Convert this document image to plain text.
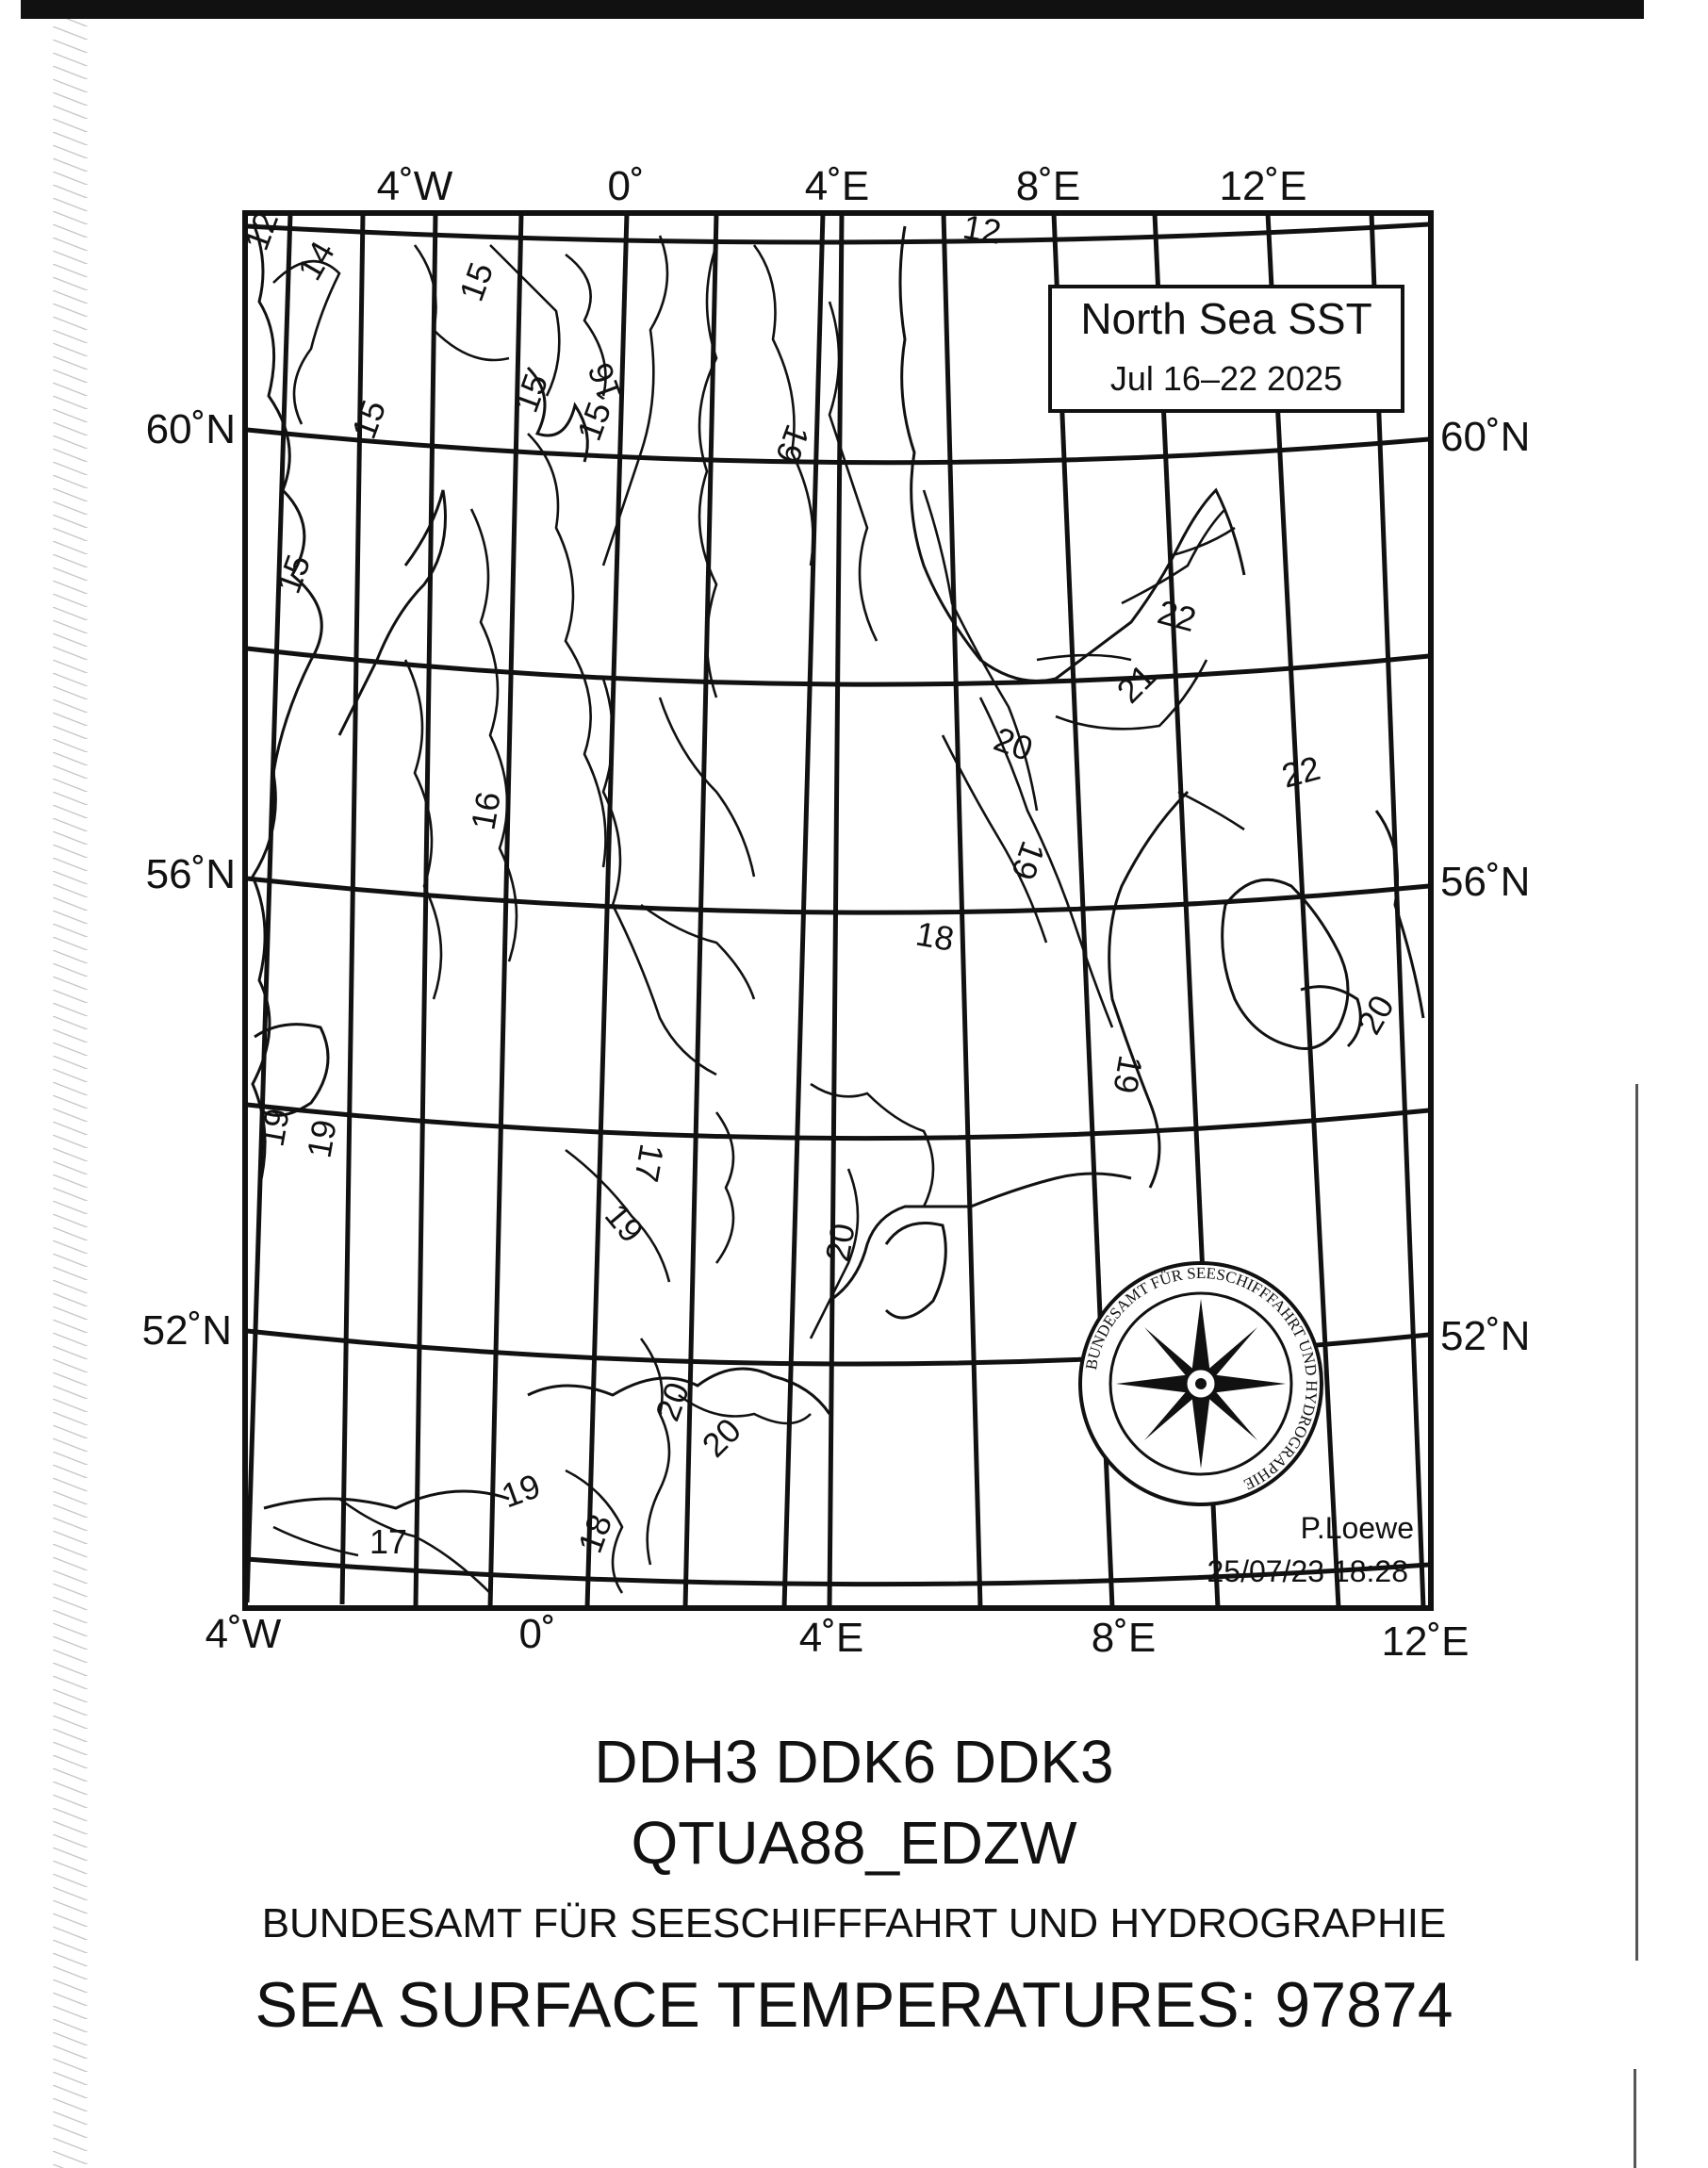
12
14	15
15
15
15
15
16
19
12
22
21
20
22
16
19
18
20
19
19
17
19
19
20
20
19
17	18
20
4˚W	0˚	4˚E	8˚E	12˚E
4˚W	0˚	4˚E	8˚E	12˚E
60˚N
56˚N
52˚N
60˚N
56˚N
52˚N
North Sea SST
Jul 16–22 2025
BUNDESAMT FÜR SEESCHIFFFAHRT UND HYDROGRAPHIE
P.Loewe
25/07/23 18:28
DDH3 DDK6 DDK3
QTUA88_EDZW
BUNDESAMT FÜR SEESCHIFFFAHRT UND HYDROGRAPHIE
SEA SURFACE TEMPERATURES: 97874
